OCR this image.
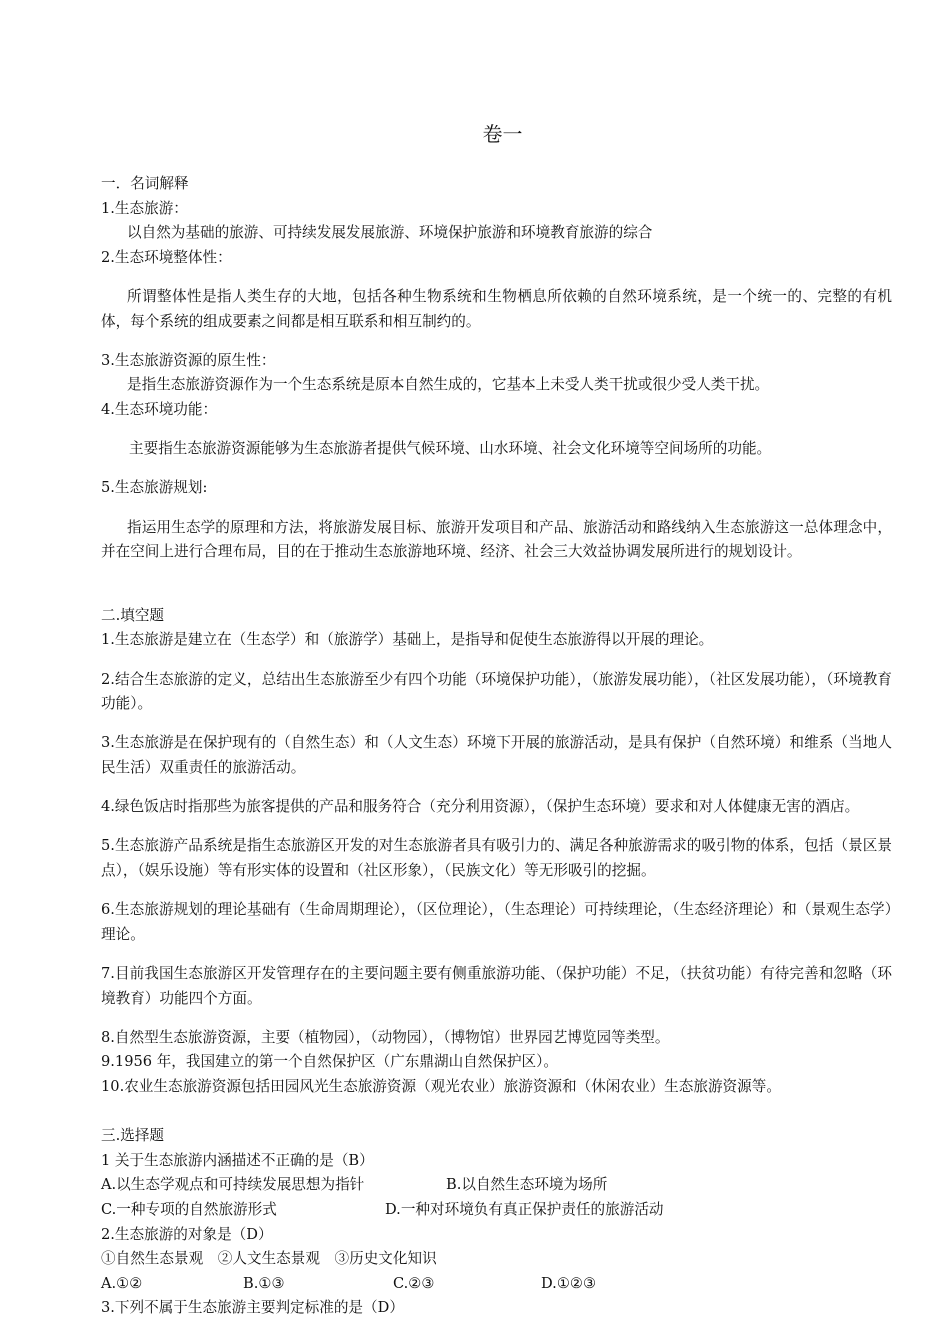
卷一

一．名词解释

1.生态旅游：

以自然为基础的旅游、可持续发展发展旅游、环境保护旅游和环境教育旅游的综合

2.生态环境整体性：

所谓整体性是指人类生存的大地，包括各种生物系统和生物栖息所依赖的自然环境系统，是一个统一的、完整的有机体，每个系统的组成要素之间都是相互联系和相互制约的。

3.生态旅游资源的原生性：

是指生态旅游资源作为一个生态系统是原本自然生成的，它基本上未受人类干扰或很少受人类干扰。

4.生态环境功能：

主要指生态旅游资源能够为生态旅游者提供气候环境、山水环境、社会文化环境等空间场所的功能。

5.生态旅游规划:

指运用生态学的原理和方法，将旅游发展目标、旅游开发项目和产品、旅游活动和路线纳入生态旅游这一总体理念中，并在空间上进行合理布局，目的在于推动生态旅游地环境、经济、社会三大效益协调发展所进行的规划设计。

二.填空题

1.生态旅游是建立在（生态学）和（旅游学）基础上，是指导和促使生态旅游得以开展的理论。

2.结合生态旅游的定义，总结出生态旅游至少有四个功能（环境保护功能），（旅游发展功能），（社区发展功能），（环境教育功能）。

3.生态旅游是在保护现有的（自然生态）和（人文生态）环境下开展的旅游活动，是具有保护（自然环境）和维系（当地人民生活）双重责任的旅游活动。

4.绿色饭店时指那些为旅客提供的产品和服务符合（充分利用资源），（保护生态环境）要求和对人体健康无害的酒店。

5.生态旅游产品系统是指生态旅游区开发的对生态旅游者具有吸引力的、满足各种旅游需求的吸引物的体系，包括（景区景点），（娱乐设施）等有形实体的设置和（社区形象），（民族文化）等无形吸引的挖掘。

6.生态旅游规划的理论基础有（生命周期理论），（区位理论），（生态理论）可持续理论，（生态经济理论）和（景观生态学）理论。

7.目前我国生态旅游区开发管理存在的主要问题主要有侧重旅游功能、（保护功能）不足，（扶贫功能）有待完善和忽略（环境教育）功能四个方面。

8.自然型生态旅游资源，主要（植物园），（动物园），（博物馆）世界园艺博览园等类型。

9.1956 年，我国建立的第一个自然保护区（广东鼎湖山自然保护区）。

10.农业生态旅游资源包括田园风光生态旅游资源（观光农业）旅游资源和（休闲农业）生态旅游资源等。

三.选择题

1 关于生态旅游内涵描述不正确的是（B）

A.以生态学观点和可持续发展思想为指针	B.以自然生态环境为场所
C.一种专项的自然旅游形式	D.一种对环境负有真正保护责任的旅游活动

2.生态旅游的对象是（D）

①自然生态景观　②人文生态景观　③历史文化知识

A.①②	B.①③	C.②③	D.①②③

3.下列不属于生态旅游主要判定标准的是（D）
